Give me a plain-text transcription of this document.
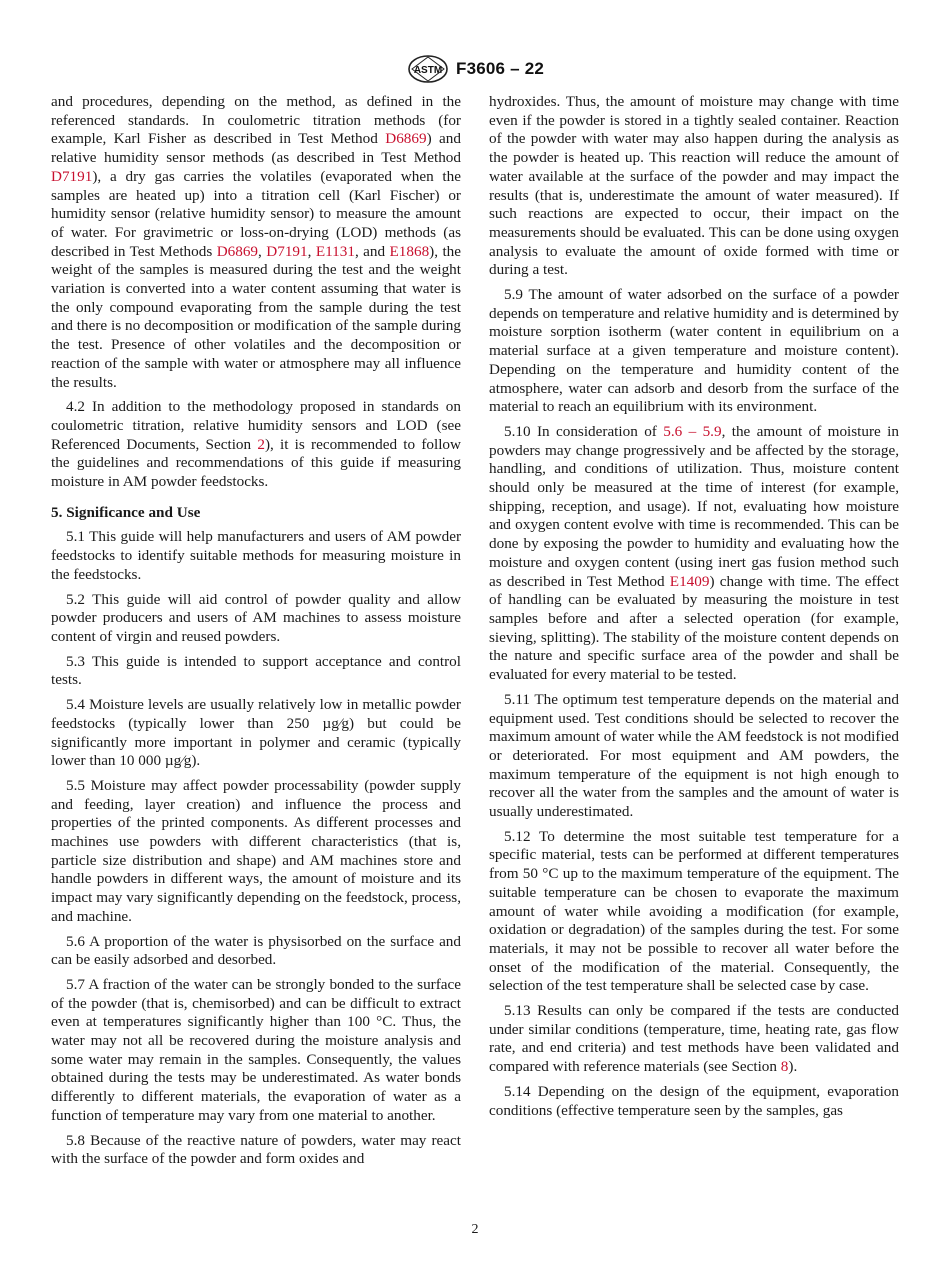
ASTM F3606 – 22

and procedures, depending on the method, as defined in the referenced standards. In coulometric titration methods (for example, Karl Fisher as described in Test Method D6869) and relative humidity sensor methods (as described in Test Method D7191), a dry gas carries the volatiles (evaporated when the samples are heated up) into a titration cell (Karl Fischer) or humidity sensor (relative humidity sensor) to measure the amount of water. For gravimetric or loss-on-drying (LOD) methods (as described in Test Methods D6869, D7191, E1131, and E1868), the weight of the samples is measured during the test and the weight variation is converted into a water content assuming that water is the only compound evaporating from the sample during the test and there is no decomposition or modification of the sample during the test. Presence of other volatiles and the decomposition or reaction of the sample with water or atmosphere may all influence the results.

4.2 In addition to the methodology proposed in standards on coulometric titration, relative humidity sensors and LOD (see Referenced Documents, Section 2), it is recommended to follow the guidelines and recommendations of this guide if measuring moisture in AM powder feedstocks.

5. Significance and Use

5.1 This guide will help manufacturers and users of AM powder feedstocks to identify suitable methods for measuring moisture in the feedstocks.

5.2 This guide will aid control of powder quality and allow powder producers and users of AM machines to assess moisture content of virgin and reused powders.

5.3 This guide is intended to support acceptance and control tests.

5.4 Moisture levels are usually relatively low in metallic powder feedstocks (typically lower than 250 µg⁄g) but could be significantly more important in polymer and ceramic (typically lower than 10 000 µg⁄g).

5.5 Moisture may affect powder processability (powder supply and feeding, layer creation) and influence the process and properties of the printed components. As different processes and machines use powders with different characteristics (that is, particle size distribution and shape) and AM machines store and handle powders in different ways, the amount of moisture and its impact may vary significantly depending on the feedstock, process, and machine.

5.6 A proportion of the water is physisorbed on the surface and can be easily adsorbed and desorbed.

5.7 A fraction of the water can be strongly bonded to the surface of the powder (that is, chemisorbed) and can be difficult to extract even at temperatures significantly higher than 100 °C. Thus, the water may not all be recovered during the moisture analysis and some water may remain in the samples. Consequently, the values obtained during the tests may be underestimated. As water bonds differently to different materials, the evaporation of water as a function of temperature may vary from one material to another.

5.8 Because of the reactive nature of powders, water may react with the surface of the powder and form oxides and

hydroxides. Thus, the amount of moisture may change with time even if the powder is stored in a tightly sealed container. Reaction of the powder with water may also happen during the analysis as the powder is heated up. This reaction will reduce the amount of water available at the surface of the powder and may impact the results (that is, underestimate the amount of water measured). If such reactions are expected to occur, their impact on the measurements should be evaluated. This can be done using oxygen analysis to evaluate the amount of oxide formed with time or during a test.

5.9 The amount of water adsorbed on the surface of a powder depends on temperature and relative humidity and is determined by moisture sorption isotherm (water content in equilibrium on a material surface at a given temperature and moisture content). Depending on the temperature and humidity content of the atmosphere, water can adsorb and desorb from the surface of the material to reach an equilibrium with its environment.

5.10 In consideration of 5.6 – 5.9, the amount of moisture in powders may change progressively and be affected by the storage, handling, and conditions of utilization. Thus, moisture content should only be measured at the time of interest (for example, shipping, reception, and usage). If not, evaluating how moisture and oxygen content evolve with time is recommended. This can be done by exposing the powder to humidity and evaluating how the moisture and oxygen content (using inert gas fusion method such as described in Test Method E1409) change with time. The effect of handling can be evaluated by measuring the moisture in test samples before and after a selected operation (for example, sieving, splitting). The stability of the moisture content depends on the nature and specific surface area of the powder and shall be evaluated for every material to be tested.

5.11 The optimum test temperature depends on the material and equipment used. Test conditions should be selected to recover the maximum amount of water while the AM feedstock is not modified or deteriorated. For most equipment and AM powders, the maximum temperature of the equipment is not high enough to recover all the water from the samples and the amount of water is usually underestimated.

5.12 To determine the most suitable test temperature for a specific material, tests can be performed at different temperatures from 50 °C up to the maximum temperature of the equipment. The suitable temperature can be chosen to evaporate the maximum amount of water while avoiding a modification (for example, oxidation or degradation) of the samples during the test. For some materials, it may not be possible to recover all water before the onset of the modification of the material. Consequently, the selection of the test temperature shall be selected case by case.

5.13 Results can only be compared if the tests are conducted under similar conditions (temperature, time, heating rate, gas flow rate, and end criteria) and test methods have been validated and compared with reference materials (see Section 8).

5.14 Depending on the design of the equipment, evaporation conditions (effective temperature seen by the samples, gas

2
